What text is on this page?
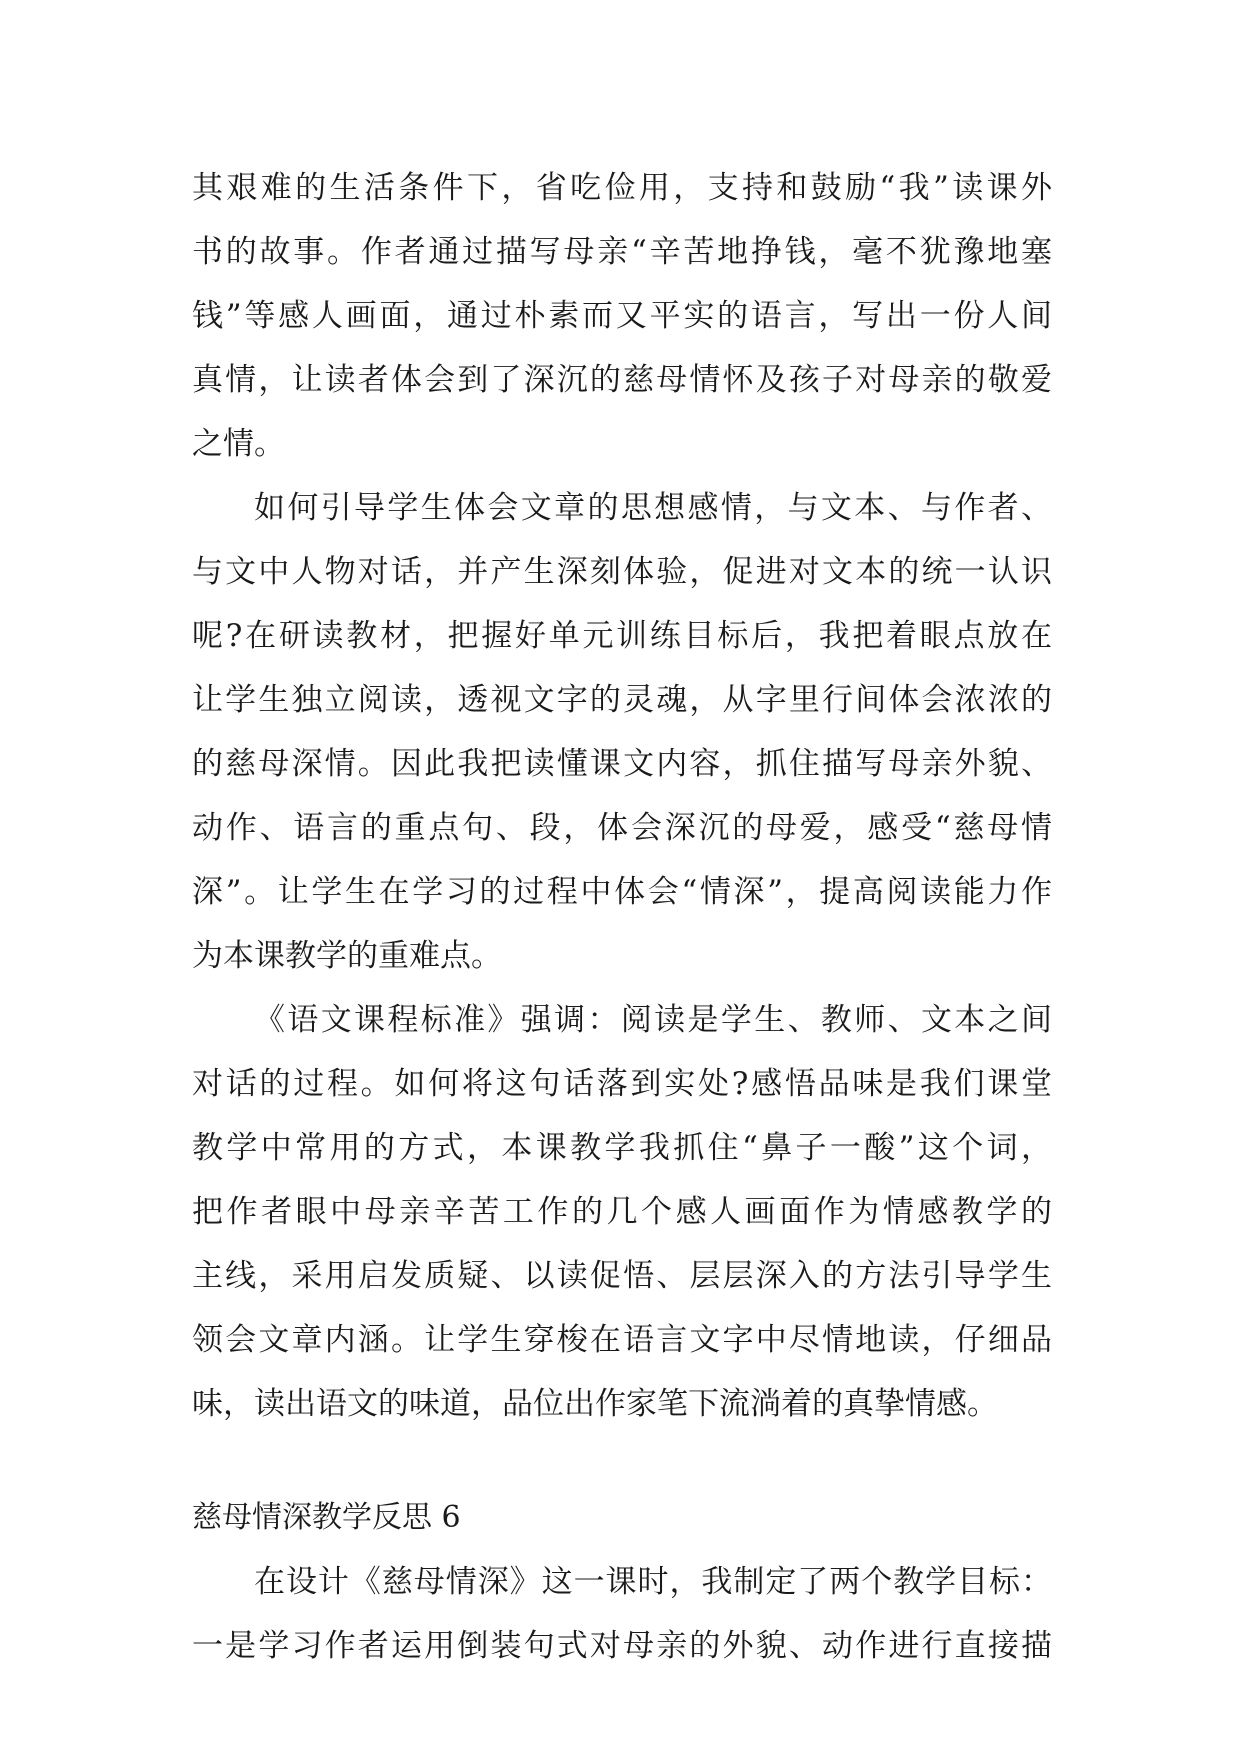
其艰难的生活条件下，省吃俭用，支持和鼓励“我”读课外
书的故事。作者通过描写母亲“辛苦地挣钱，毫不犹豫地塞
钱”等感人画面，通过朴素而又平实的语言，写出一份人间
真情，让读者体会到了深沉的慈母情怀及孩子对母亲的敬爱
之情。
如何引导学生体会文章的思想感情，与文本、与作者、
与文中人物对话，并产生深刻体验，促进对文本的统一认识
呢?在研读教材，把握好单元训练目标后，我把着眼点放在
让学生独立阅读，透视文字的灵魂，从字里行间体会浓浓的
的慈母深情。因此我把读懂课文内容，抓住描写母亲外貌、
动作、语言的重点句、段，体会深沉的母爱，感受“慈母情
深”。让学生在学习的过程中体会“情深”，提高阅读能力作
为本课教学的重难点。
《语文课程标准》强调：阅读是学生、教师、文本之间
对话的过程。如何将这句话落到实处?感悟品味是我们课堂
教学中常用的方式，本课教学我抓住“鼻子一酸”这个词，
把作者眼中母亲辛苦工作的几个感人画面作为情感教学的
主线，采用启发质疑、以读促悟、层层深入的方法引导学生
领会文章内涵。让学生穿梭在语言文字中尽情地读，仔细品
味，读出语文的味道，品位出作家笔下流淌着的真挚情感。
慈母情深教学反思 6
在设计《慈母情深》这一课时，我制定了两个教学目标：
一是学习作者运用倒装句式对母亲的外貌、动作进行直接描
